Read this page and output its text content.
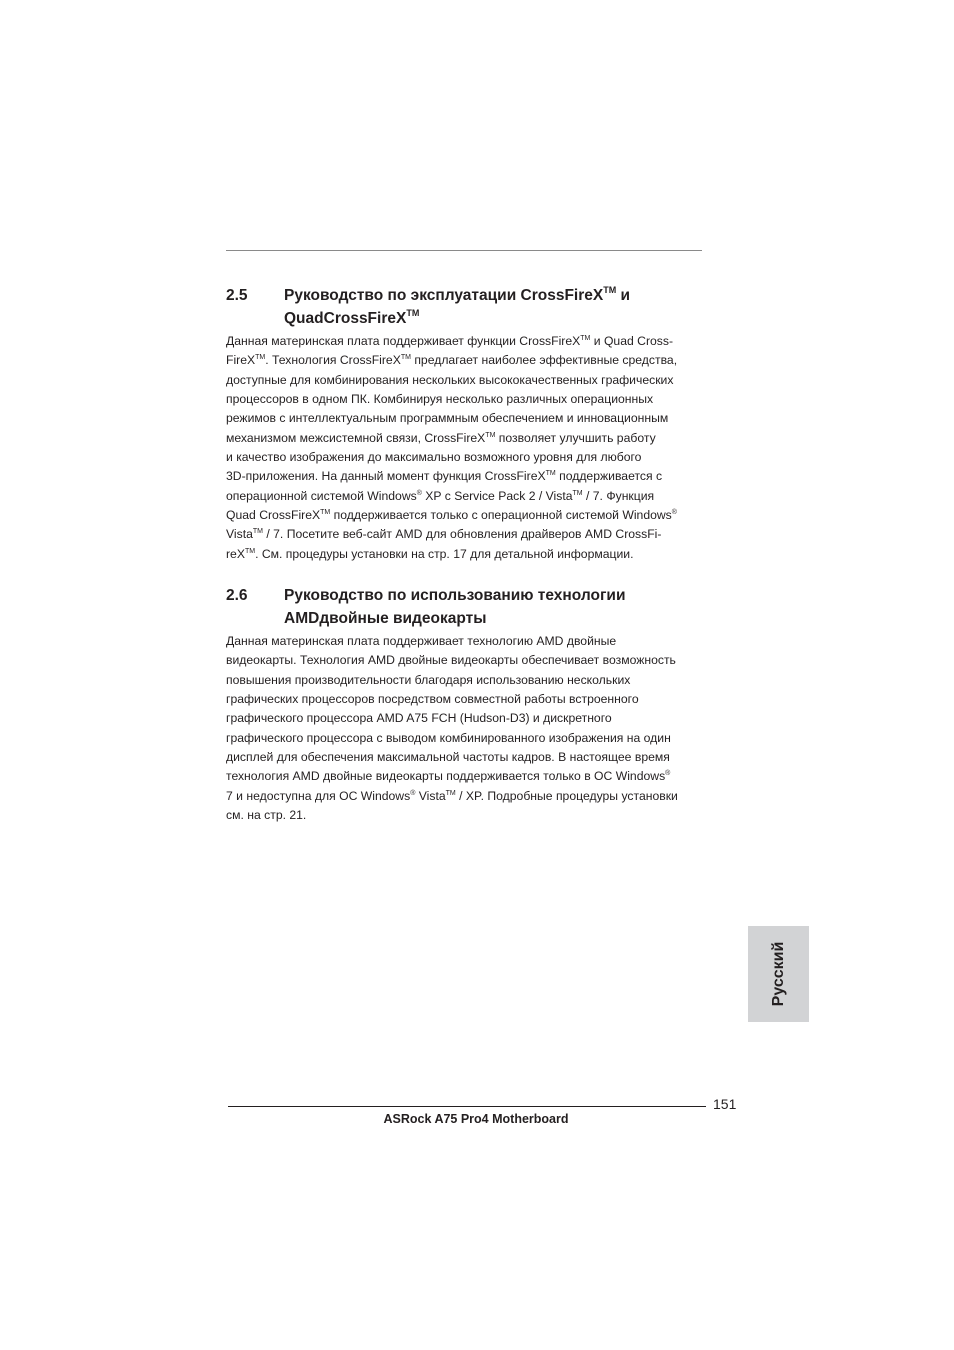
2.5	Руководство по эксплуатации CrossFireX™ и QuadCrossFireX™
Данная материнская плата поддерживает функции CrossFireX™ и Quad Cross-
FireX™. Технология CrossFireX™ предлагает наиболее эффективные средства,
доступные для комбинирования нескольких высококачественных графических
процессоров в одном ПК. Комбинируя несколько различных операционных
режимов с интеллектуальным программным обеспечением и инновационным
механизмом межсистемной связи, CrossFireX™ позволяет улучшить работу
и качество изображения до максимально возможного уровня для любого
3D-приложения. На данный момент функция CrossFireX™ поддерживается с
операционной системой Windows® XP с Service Pack 2 / Vista™ / 7. Функция
Quad CrossFireX™ поддерживается только с операционной системой Windows®
Vista™ / 7. Посетите веб-сайт AMD для обновления драйверов AMD CrossFi-
reX™. См. процедуры установки на стр. 17 для детальной информации.
2.6	Руководство по использованию технологии AMDдвойные видеокарты
Данная материнская плата поддерживает технологию AMD двойные
видеокарты. Технология AMD двойные видеокарты обеспечивает возможность
повышения производительности благодаря использованию нескольких
графических процессоров посредством совместной работы встроенного
графического процессора AMD A75 FCH (Hudson-D3) и дискретного
графического процессора с выводом комбинированного изображения на один
дисплей для обеспечения максимальной частоты кадров. В настоящее время
технология AMD двойные видеокарты поддерживается только в ОС Windows®
7 и недоступна для ОС Windows® Vista™ / XP. Подробные процедуры установки
см. на стр. 21.
Русский
151
ASRock A75 Pro4 Motherboard
